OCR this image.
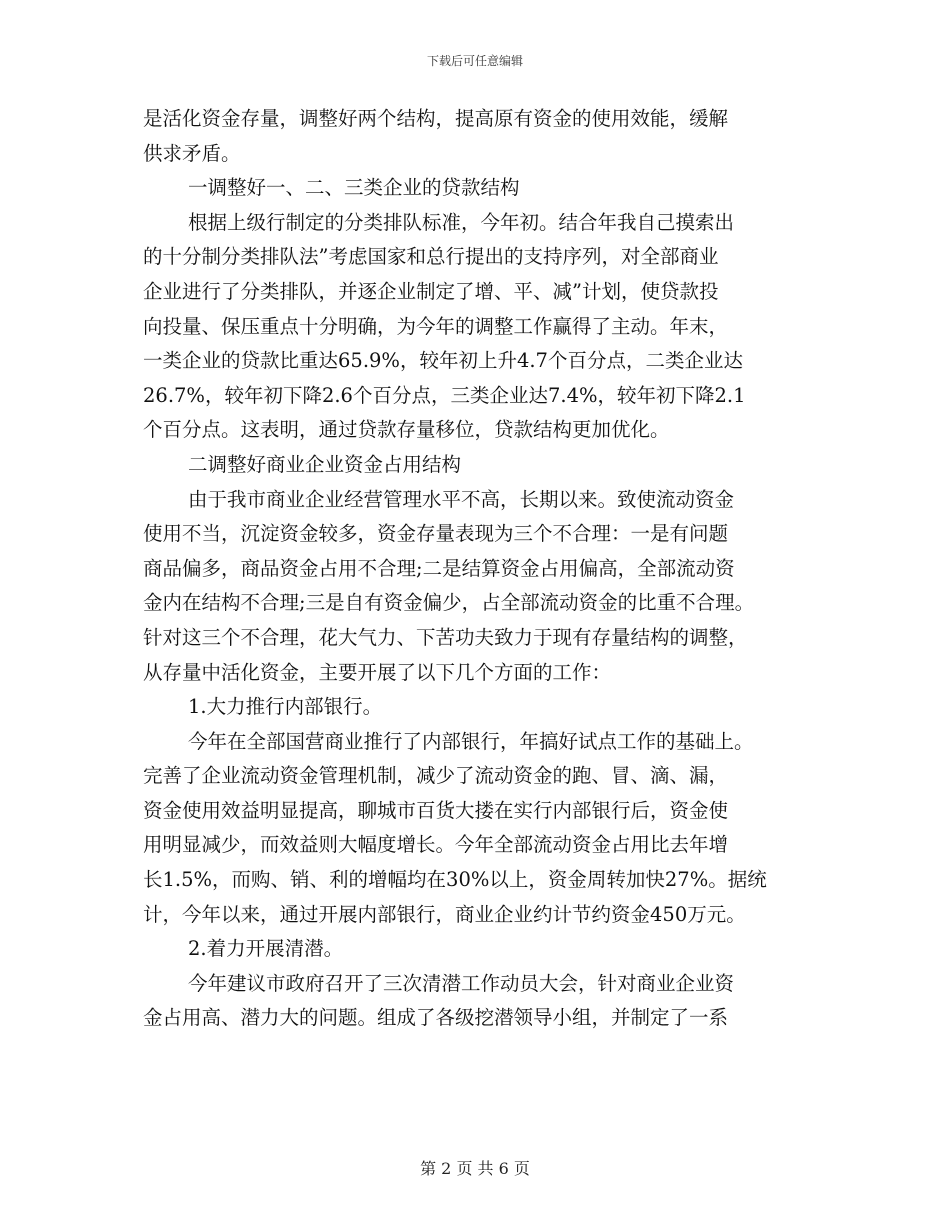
下载后可任意编辑
是活化资金存量，调整好两个结构，提高原有资金的使用效能，缓解
供求矛盾。
一调整好一、二、三类企业的贷款结构
根据上级行制定的分类排队标准，今年初。结合年我自己摸索出
的十分制分类排队法”考虑国家和总行提出的支持序列，对全部商业
企业进行了分类排队，并逐企业制定了增、平、减”计划，使贷款投
向投量、保压重点十分明确，为今年的调整工作赢得了主动。年末，
一类企业的贷款比重达65.9%，较年初上升4.7个百分点，二类企业达
26.7%，较年初下降2.6个百分点，三类企业达7.4%，较年初下降2.1
个百分点。这表明，通过贷款存量移位，贷款结构更加优化。
二调整好商业企业资金占用结构
由于我市商业企业经营管理水平不高，长期以来。致使流动资金
使用不当，沉淀资金较多，资金存量表现为三个不合理：一是有问题
商品偏多，商品资金占用不合理;二是结算资金占用偏高，全部流动资
金内在结构不合理;三是自有资金偏少，占全部流动资金的比重不合理。
针对这三个不合理，花大气力、下苦功夫致力于现有存量结构的调整，
从存量中活化资金，主要开展了以下几个方面的工作：
1.大力推行内部银行。
今年在全部国营商业推行了内部银行，年搞好试点工作的基础上。
完善了企业流动资金管理机制，减少了流动资金的跑、冒、滴、漏，
资金使用效益明显提高，聊城市百货大搂在实行内部银行后，资金使
用明显减少，而效益则大幅度增长。今年全部流动资金占用比去年增
长1.5%，而购、销、利的增幅均在30%以上，资金周转加快27%。据统
计，今年以来，通过开展内部银行，商业企业约计节约资金450万元。
2.着力开展清潜。
今年建议市政府召开了三次清潜工作动员大会，针对商业企业资
金占用高、潜力大的问题。组成了各级挖潜领导小组，并制定了一系
第 2 页 共 6 页
